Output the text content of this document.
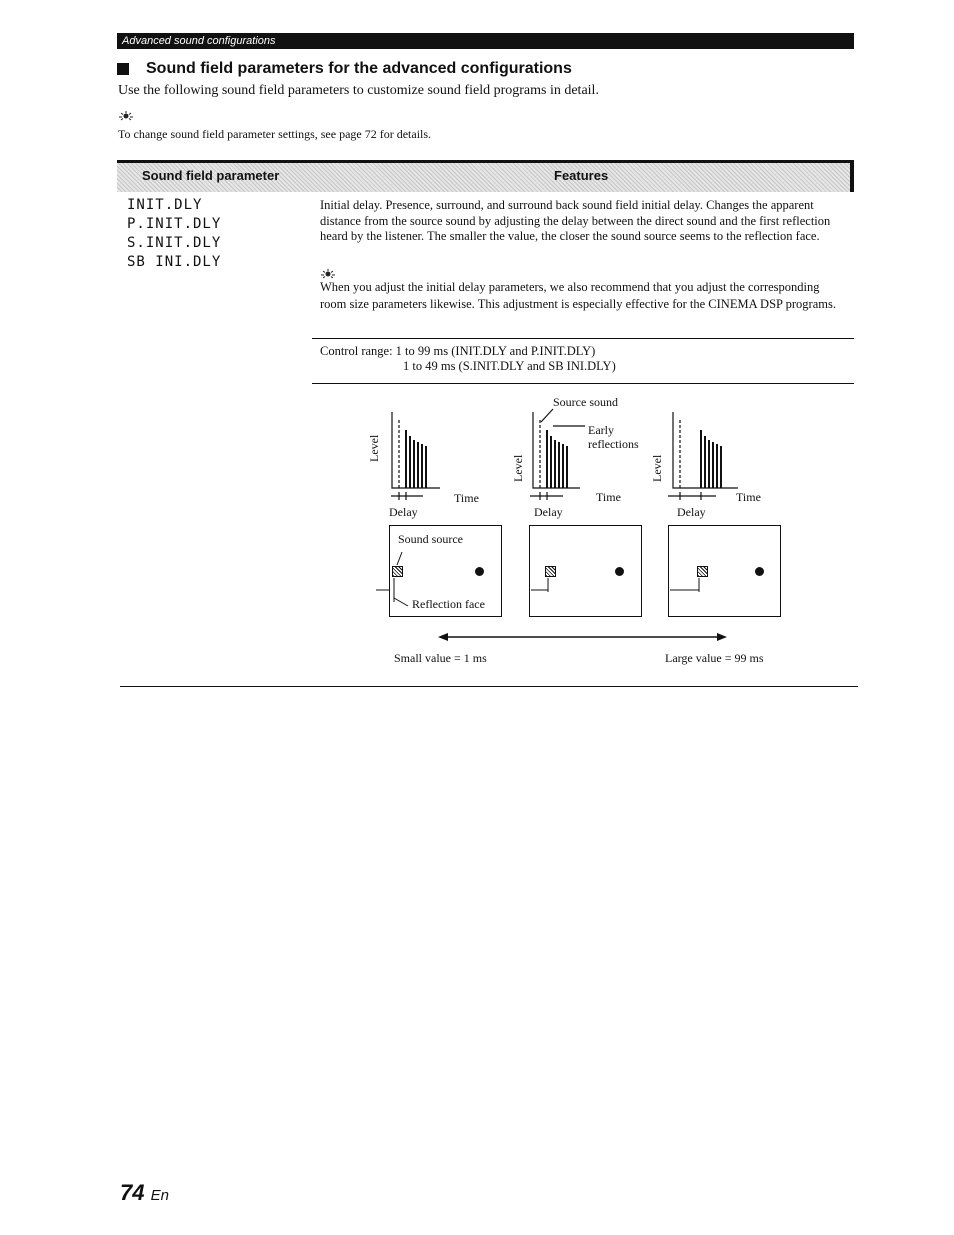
Advanced sound configurations
Sound field parameters for the advanced configurations
Use the following sound field parameters to customize sound field programs in detail.
To change sound field parameter settings, see page 72 for details.
Sound field parameter	Features
INIT.DLY
P.INIT.DLY
S.INIT.DLY
SB INI.DLY
Initial delay. Presence, surround, and surround back sound field initial delay. Changes the apparent distance from the source sound by adjusting the delay between the direct sound and the first reflection heard by the listener. The smaller the value, the closer the sound source seems to the reflection face.
When you adjust the initial delay parameters, we also recommend that you adjust the corresponding room size parameters likewise. This adjustment is especially effective for the CINEMA DSP programs.
Control range: 1 to 99 ms (INIT.DLY and P.INIT.DLY)
1 to 49 ms (S.INIT.DLY and SB INI.DLY)
Source sound
Early
reflections
Level
Level	Level
Time	Time	Time
Delay	Delay	Delay
Sound source
Reflection face
Small value = 1 ms	Large value = 99 ms
74 En
